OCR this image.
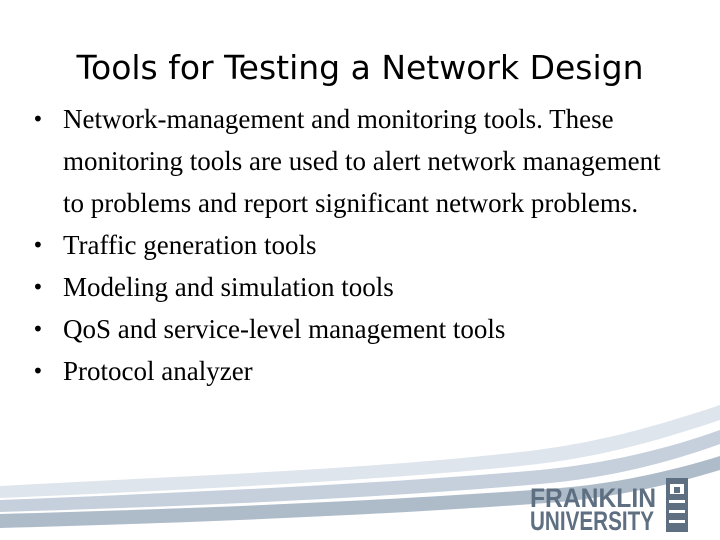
Tools for Testing a Network Design
• Network-management and monitoring tools. These monitoring tools are used to alert network management to problems and report significant network problems.
• Traffic generation tools
• Modeling and simulation tools
• QoS and service-level management tools
• Protocol analyzer
FRANKLIN
UNIVERSITY
